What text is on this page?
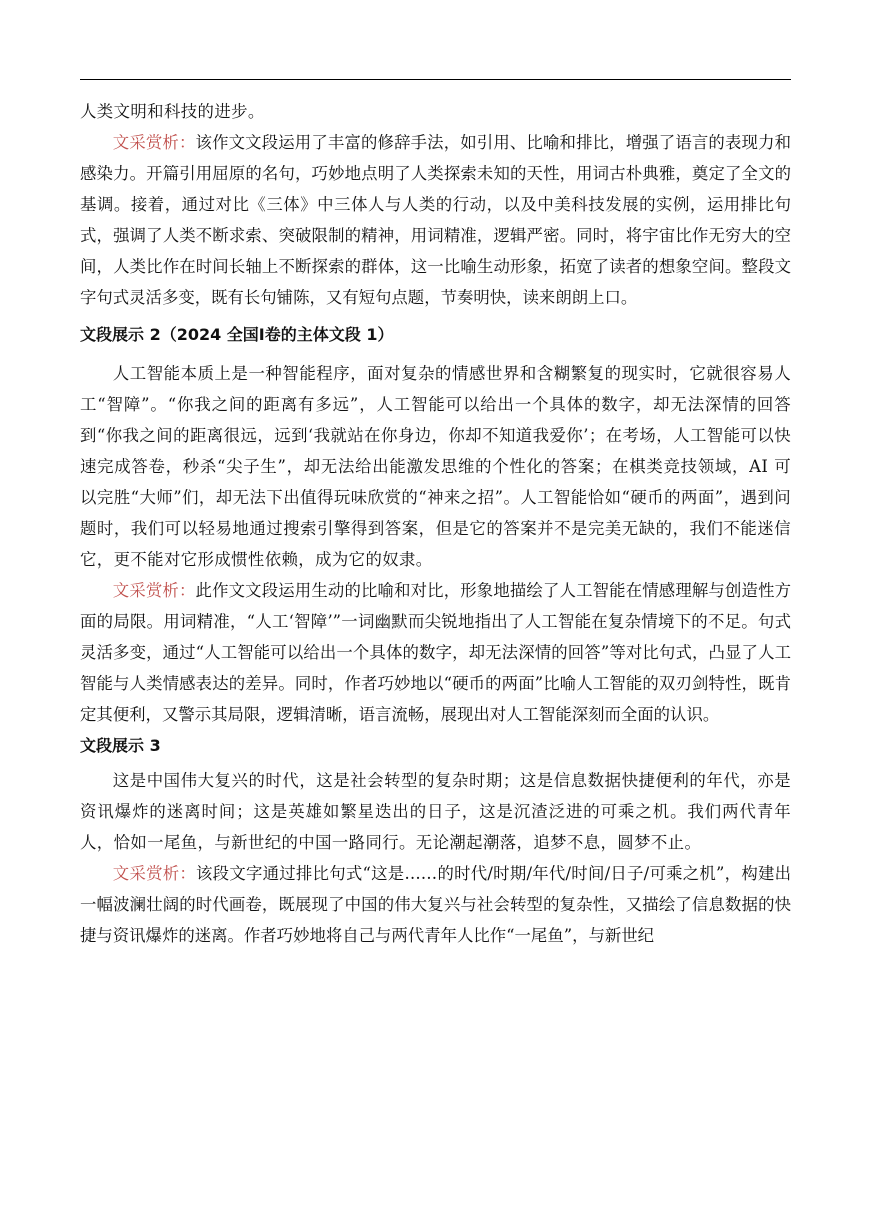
人类文明和科技的进步。

文采赏析：该作文文段运用了丰富的修辞手法，如引用、比喻和排比，增强了语言的表现力和感染力。开篇引用屈原的名句，巧妙地点明了人类探索未知的天性，用词古朴典雅，奠定了全文的基调。接着，通过对比《三体》中三体人与人类的行动，以及中美科技发展的实例，运用排比句式，强调了人类不断求索、突破限制的精神，用词精准，逻辑严密。同时，将宇宙比作无穷大的空间，人类比作在时间长轴上不断探索的群体，这一比喻生动形象，拓宽了读者的想象空间。整段文字句式灵活多变，既有长句铺陈，又有短句点题，节奏明快，读来朗朗上口。

文段展示 2（2024 全国Ⅰ卷的主体文段 1）

人工智能本质上是一种智能程序，面对复杂的情感世界和含糊繁复的现实时，它就很容易人工“智障”。“你我之间的距离有多远”，人工智能可以给出一个具体的数字，却无法深情的回答到“你我之间的距离很远，远到‘我就站在你身边，你却不知道我爱你’；在考场，人工智能可以快速完成答卷，秒杀“尖子生”，却无法给出能激发思维的个性化的答案；在棋类竞技领域，AI 可以完胜“大师”们，却无法下出值得玩味欣赏的“神来之招”。人工智能恰如“硬币的两面”，遇到问题时，我们可以轻易地通过搜索引擎得到答案，但是它的答案并不是完美无缺的，我们不能迷信它，更不能对它形成惯性依赖，成为它的奴隶。

文采赏析：此作文文段运用生动的比喻和对比，形象地描绘了人工智能在情感理解与创造性方面的局限。用词精准，“人工‘智障’”一词幽默而尖锐地指出了人工智能在复杂情境下的不足。句式灵活多变，通过“人工智能可以给出一个具体的数字，却无法深情的回答”等对比句式，凸显了人工智能与人类情感表达的差异。同时，作者巧妙地以“硬币的两面”比喻人工智能的双刃剑特性，既肯定其便利，又警示其局限，逻辑清晰，语言流畅，展现出对人工智能深刻而全面的认识。

文段展示 3

这是中国伟大复兴的时代，这是社会转型的复杂时期；这是信息数据快捷便利的年代，亦是资讯爆炸的迷离时间；这是英雄如繁星迭出的日子，这是沉渣泛进的可乘之机。我们两代青年人，恰如一尾鱼，与新世纪的中国一路同行。无论潮起潮落，追梦不息，圆梦不止。

文采赏析：该段文字通过排比句式“这是……的时代/时期/年代/时间/日子/可乘之机”，构建出一幅波澜壮阔的时代画卷，既展现了中国的伟大复兴与社会转型的复杂性，又描绘了信息数据的快捷与资讯爆炸的迷离。作者巧妙地将自己与两代青年人比作“一尾鱼”，与新世纪
